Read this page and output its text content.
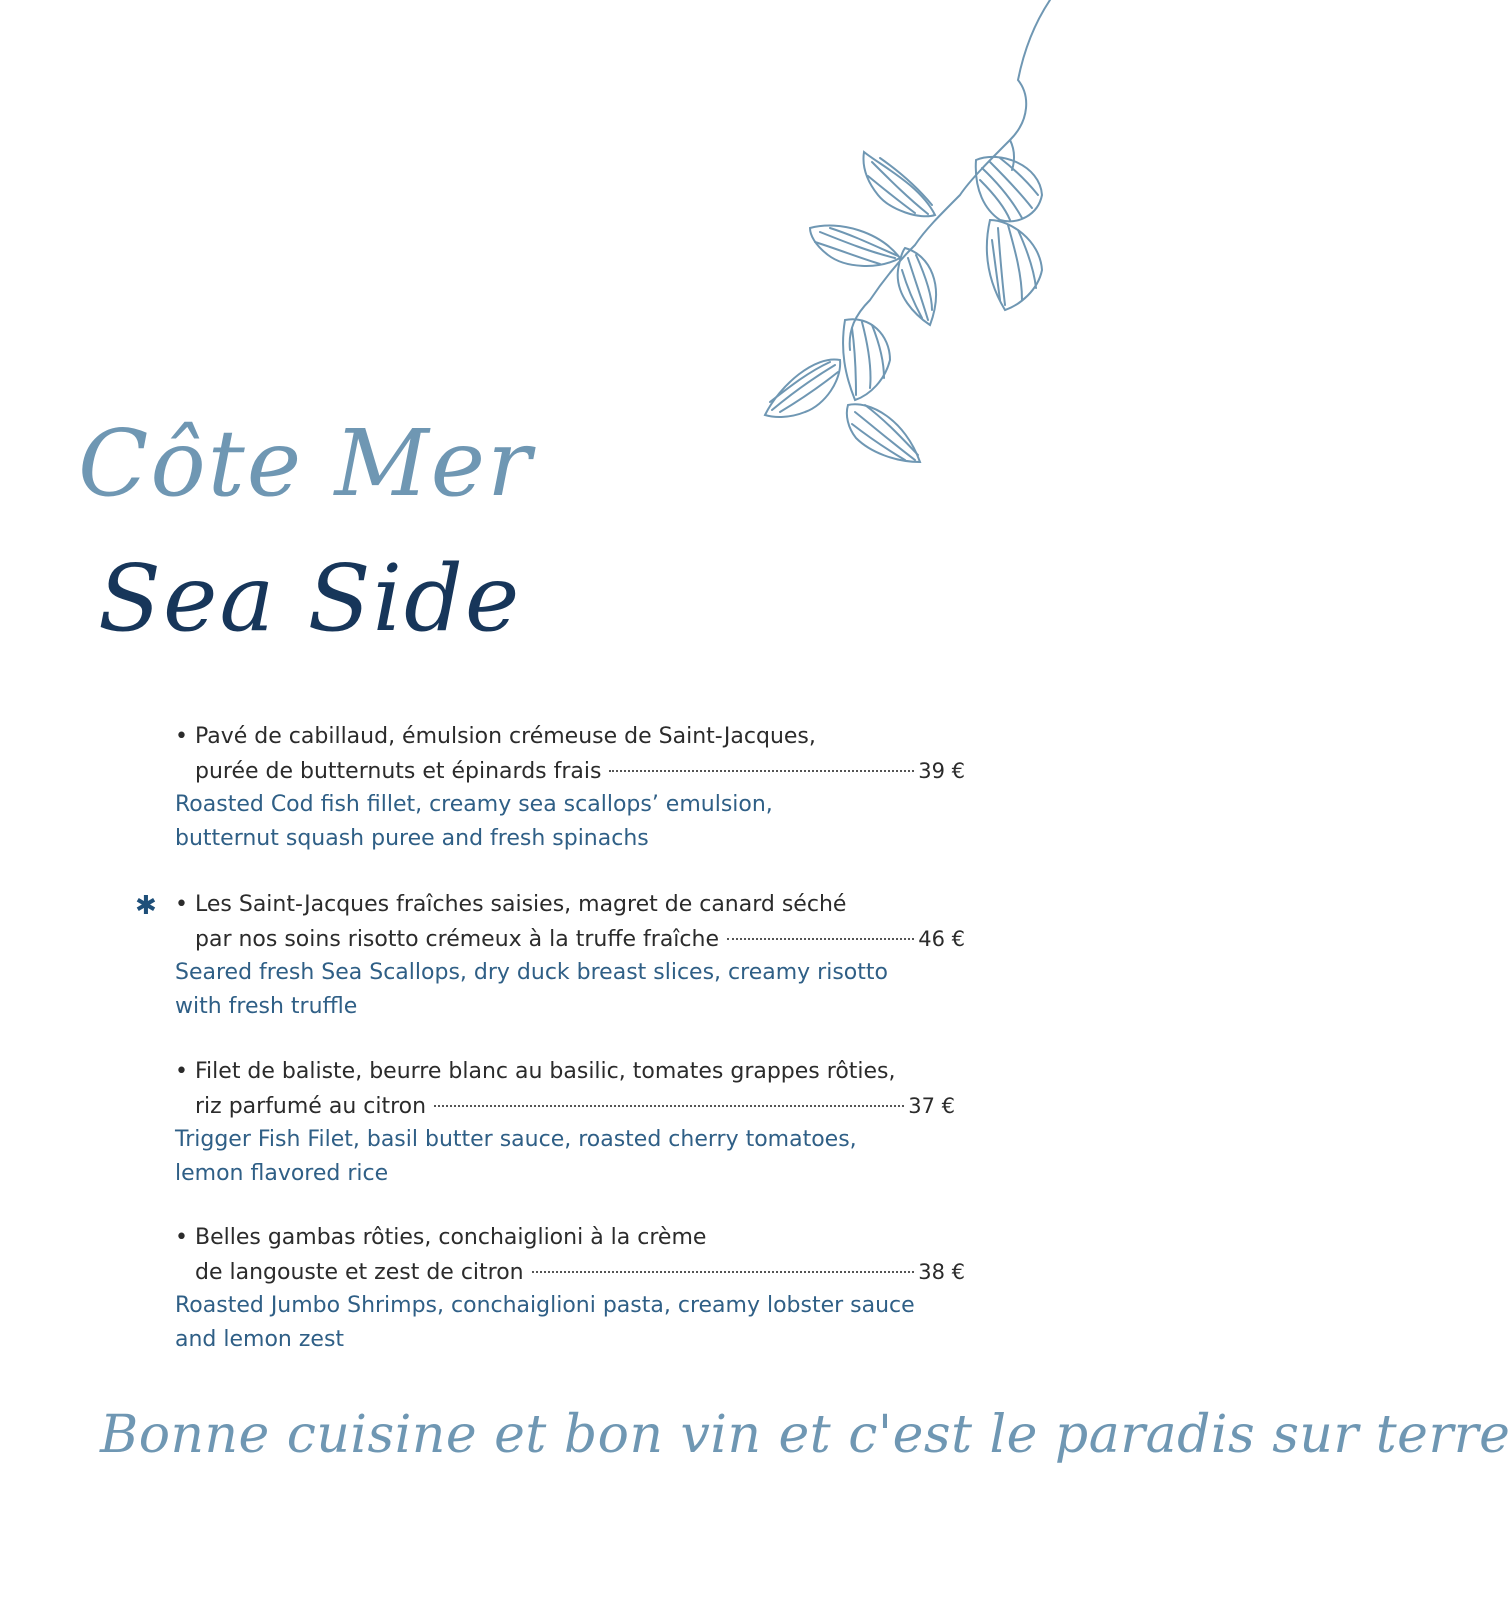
Côte Mer
Sea Side
• Pavé de cabillaud, émulsion crémeuse de Saint-Jacques,
purée de butternuts et épinards frais	39 €
Roasted Cod fish fillet, creamy sea scallops’ emulsion,
butternut squash puree and fresh spinachs
✱ • Les Saint-Jacques fraîches saisies, magret de canard séché
par nos soins risotto crémeux à la truffe fraîche	46 €
Seared fresh Sea Scallops, dry duck breast slices, creamy risotto
with fresh truffle
• Filet de baliste, beurre blanc au basilic, tomates grappes rôties,
riz parfumé au citron	37 €
Trigger Fish Filet, basil butter sauce, roasted cherry tomatoes,
lemon flavored rice
• Belles gambas rôties, conchaiglioni à la crème
de langouste et zest de citron	38 €
Roasted Jumbo Shrimps, conchaiglioni pasta, creamy lobster sauce
and lemon zest
Bonne cuisine et bon vin et c'est le paradis sur terre
